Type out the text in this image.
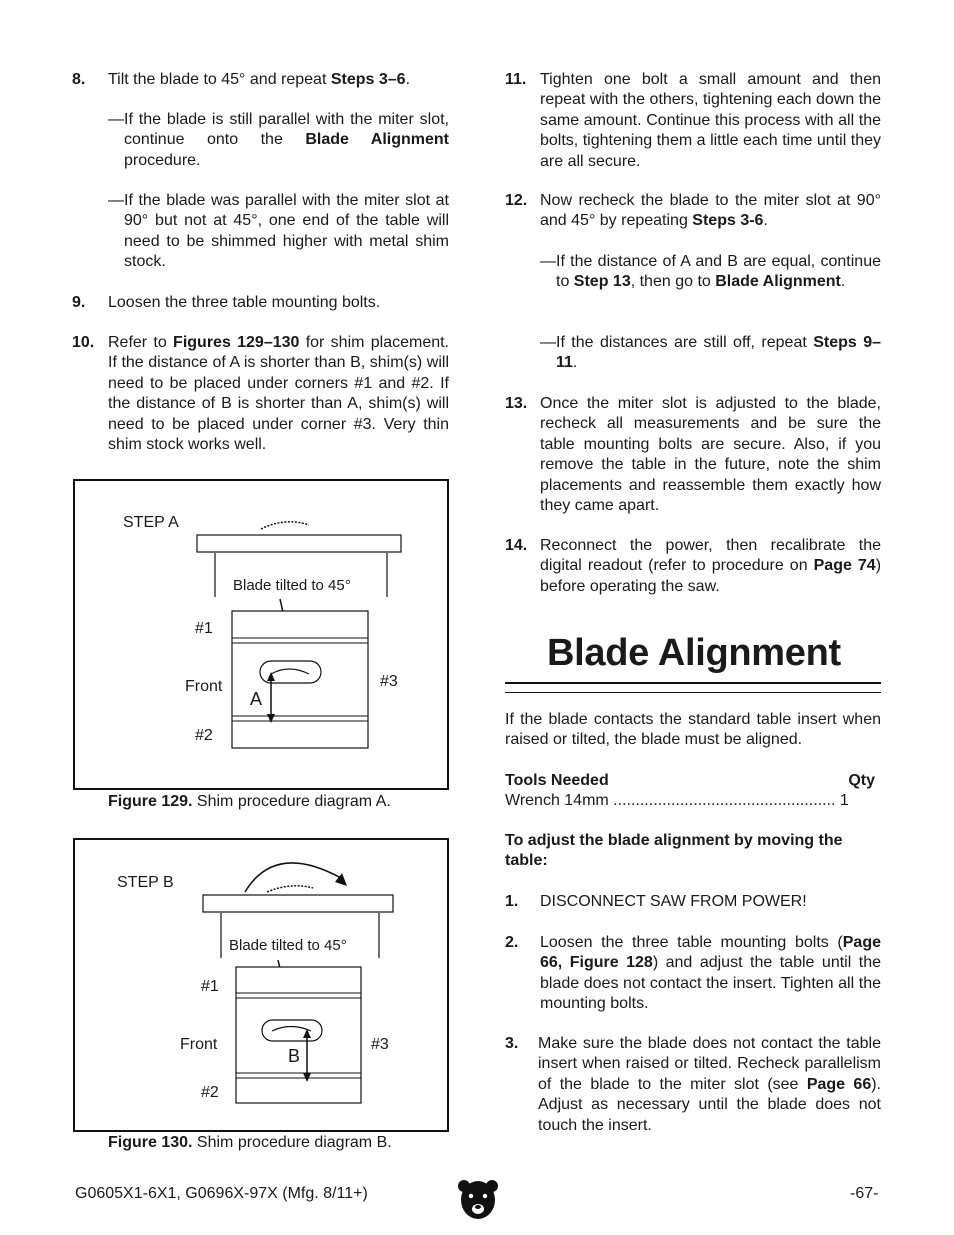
8. Tilt the blade to 45° and repeat Steps 3–6.
—If the blade is still parallel with the miter slot, continue onto the Blade Alignment procedure.
—If the blade was parallel with the miter slot at 90° but not at 45°, one end of the table will need to be shimmed higher with metal shim stock.
9. Loosen the three table mounting bolts.
10. Refer to Figures 129–130 for shim placement. If the distance of A is shorter than B, shim(s) will need to be placed under corners #1 and #2. If the distance of B is shorter than A, shim(s) will need to be placed under corner #3. Very thin shim stock works well.
STEP A
Blade tilted to 45°
#1
Front
A
#3
#2
Figure 129. Shim procedure diagram A.
STEP B
Blade tilted to 45°
#1
Front
B
#3
#2
Figure 130. Shim procedure diagram B.
11. Tighten one bolt a small amount and then repeat with the others, tightening each down the same amount. Continue this process with all the bolts, tightening them a little each time until they are all secure.
12. Now recheck the blade to the miter slot at 90° and 45° by repeating Steps 3-6.
—If the distance of A and B are equal, continue to Step 13, then go to Blade Alignment.
—If the distances are still off, repeat Steps 9–11.
13. Once the miter slot is adjusted to the blade, recheck all measurements and be sure the table mounting bolts are secure. Also, if you remove the table in the future, note the shim placements and reassemble them exactly how they came apart.
14. Reconnect the power, then recalibrate the digital readout (refer to procedure on Page 74) before operating the saw.
Blade Alignment
If the blade contacts the standard table insert when raised or tilted, the blade must be aligned.
Tools Needed	Qty
Wrench 14mm .................................................. 1
To adjust the blade alignment by moving the table:
1. DISCONNECT SAW FROM POWER!
2. Loosen the three table mounting bolts (Page 66, Figure 128) and adjust the table until the blade does not contact the insert. Tighten all the mounting bolts.
3. Make sure the blade does not contact the table insert when raised or tilted. Recheck parallelism of the blade to the miter slot (see Page 66). Adjust as necessary until the blade does not touch the insert.
G0605X1-6X1, G0696X-97X (Mfg. 8/11+)	-67-
